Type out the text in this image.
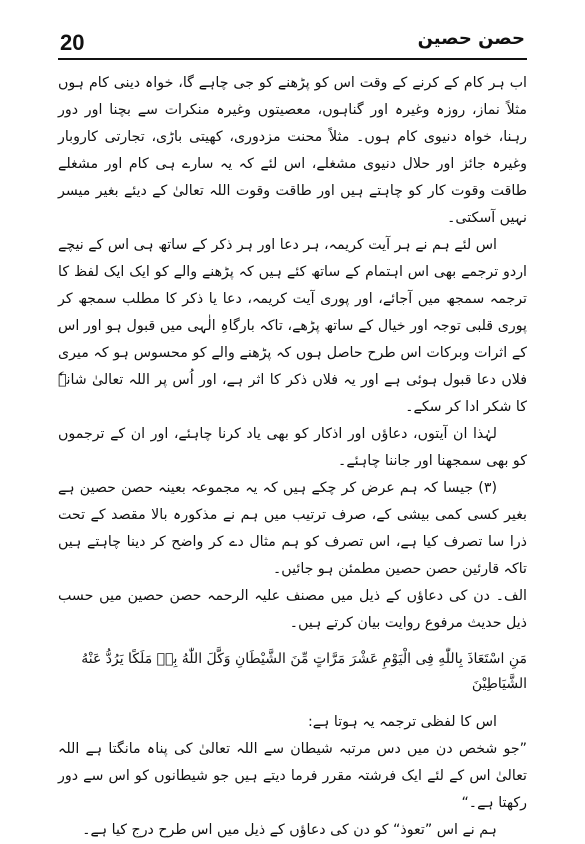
20	حصن حصین

اب ہر کام کے کرنے کے وقت اس کو پڑھنے کو جی چاہے گا، خواہ دینی کام ہوں مثلاً نماز، روزہ وغیرہ اور گناہوں، معصیتوں وغیرہ منکرات سے بچنا اور دور رہنا، خواہ دنیوی کام ہوں۔ مثلاً محنت مزدوری، کھیتی باڑی، تجارتی کاروبار وغیرہ جائز اور حلال دنیوی مشغلے، اس لئے کہ یہ سارے ہی کام اور مشغلے طاقت وقوت کار کو چاہتے ہیں اور طاقت وقوت اللہ تعالیٰ کے دیئے بغیر میسر نہیں آسکتی۔

اس لئے ہم نے ہر آیت کریمہ، ہر دعا اور ہر ذکر کے ساتھ ہی اس کے نیچے اردو ترجمے بھی اس اہتمام کے ساتھ کئے ہیں کہ پڑھنے والے کو ایک ایک لفظ کا ترجمہ سمجھ میں آجائے، اور پوری آیت کریمہ، دعا یا ذکر کا مطلب سمجھ کر پوری قلبی توجہ اور خیال کے ساتھ پڑھے، تاکہ بارگاہِ الٰہی میں قبول ہو اور اس کے اثرات وبرکات اس طرح حاصل ہوں کہ پڑھنے والے کو محسوس ہو کہ میری فلاں دعا قبول ہوئی ہے اور یہ فلاں ذکر کا اثر ہے، اور اُس پر اللہ تعالیٰ شانہٗ کا شکر ادا کر سکے۔

لہٰذا ان آیتوں، دعاؤں اور اذکار کو بھی یاد کرنا چاہئے، اور ان کے ترجموں کو بھی سمجھنا اور جاننا چاہئے۔

(۳) جیسا کہ ہم عرض کر چکے ہیں کہ یہ مجموعہ بعینہ حصن حصین ہے بغیر کسی کمی بیشی کے، صرف ترتیب میں ہم نے مذکورہ بالا مقصد کے تحت ذرا سا تصرف کیا ہے، اس تصرف کو ہم مثال دے کر واضح کر دینا چاہتے ہیں تاکہ قارئین حصن حصین مطمئن ہو جائیں۔

الف۔ دن کی دعاؤں کے ذیل میں مصنف علیہ الرحمہ حصن حصین میں حسب ذیل حدیث مرفوع روایت بیان کرتے ہیں۔

مَنِ اسْتَعَاذَ بِاللّٰهِ فِى الْيَوْمِ عَشْرَ مَرَّاتٍ مِّنَ الشَّيْطَانِ وَكَّلَ اللّٰهُ بِهٖ مَلَكًا يَرُدُّ عَنْهُ الشَّيَاطِيْنَ

اس کا لفظی ترجمہ یہ ہوتا ہے:

”جو شخص دن میں دس مرتبہ شیطان سے اللہ تعالیٰ کی پناہ مانگتا ہے اللہ تعالیٰ اس کے لئے ایک فرشتہ مقرر فرما دیتے ہیں جو شیطانوں کو اس سے دور رکھتا ہے۔“

ہم نے اس ”تعوذ“ کو دن کی دعاؤں کے ذیل میں اس طرح درج کیا ہے۔
